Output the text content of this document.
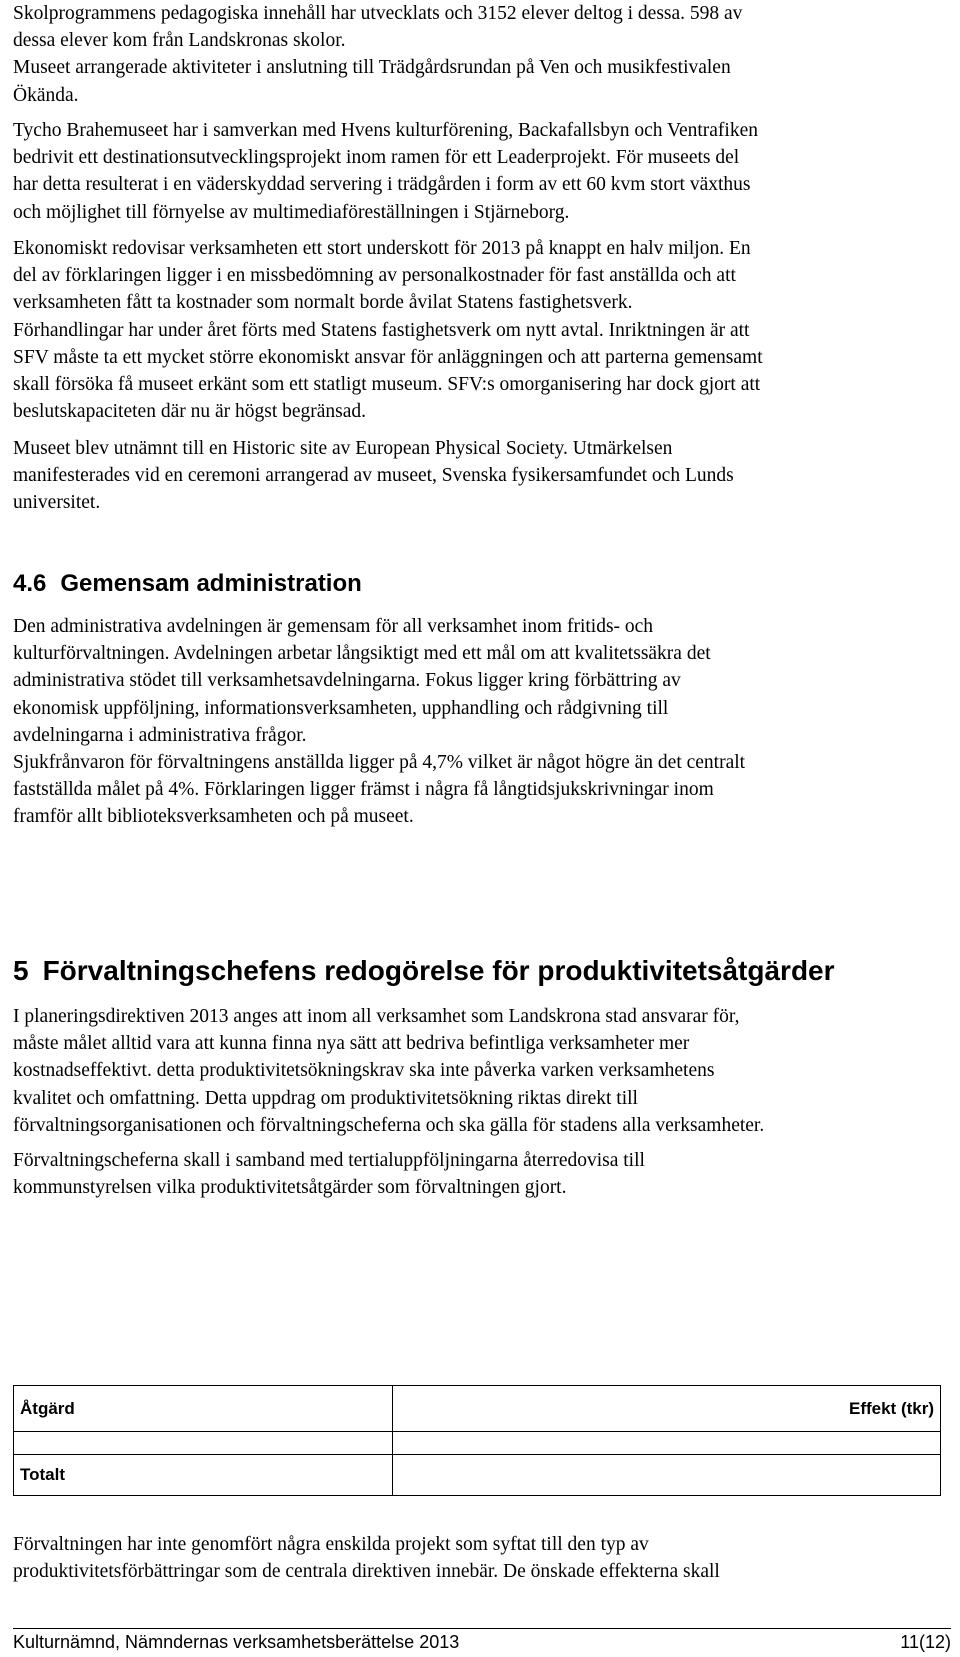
Skolprogrammens pedagogiska innehåll har utvecklats och 3152 elever deltog i dessa. 598 av
dessa elever kom från Landskronas skolor.
Museet arrangerade aktiviteter i anslutning till Trädgårdsrundan på Ven och musikfestivalen
Ökända.

Tycho Brahemuseet har i samverkan med Hvens kulturförening, Backafallsbyn och Ventrafiken
bedrivit ett destinationsutvecklingsprojekt inom ramen för ett Leaderprojekt. För museets del
har detta resulterat i en väderskyddad servering i trädgården i form av ett 60 kvm stort växthus
och möjlighet till förnyelse av multimediaföreställningen i Stjärneborg.

Ekonomiskt redovisar verksamheten ett stort underskott för 2013 på knappt en halv miljon. En
del av förklaringen ligger i en missbedömning av personalkostnader för fast anställda och att
verksamheten fått ta kostnader som normalt borde åvilat Statens fastighetsverk.
Förhandlingar har under året förts med Statens fastighetsverk om nytt avtal. Inriktningen är att
SFV måste ta ett mycket större ekonomiskt ansvar för anläggningen och att parterna gemensamt
skall försöka få museet erkänt som ett statligt museum. SFV:s omorganisering har dock gjort att
beslutskapaciteten där nu är högst begränsad.

Museet blev utnämnt till en Historic site av European Physical Society. Utmärkelsen
manifesterades vid en ceremoni arrangerad av museet, Svenska fysikersamfundet och Lunds
universitet.

4.6 Gemensam administration

Den administrativa avdelningen är gemensam för all verksamhet inom fritids- och
kulturförvaltningen. Avdelningen arbetar långsiktigt med ett mål om att kvalitetssäkra det
administrativa stödet till verksamhetsavdelningarna. Fokus ligger kring förbättring av
ekonomisk uppföljning, informationsverksamheten, upphandling och rådgivning till
avdelningarna i administrativa frågor.
Sjukfrånvaron för förvaltningens anställda ligger på 4,7% vilket är något högre än det centralt
fastställda målet på 4%. Förklaringen ligger främst i några få långtidsjukskrivningar inom
framför allt biblioteksverksamheten och på museet.

5 Förvaltningschefens redogörelse för produktivitetsåtgärder

I planeringsdirektiven 2013 anges att inom all verksamhet som Landskrona stad ansvarar för,
måste målet alltid vara att kunna finna nya sätt att bedriva befintliga verksamheter mer
kostnadseffektivt. detta produktivitetsökningskrav ska inte påverka varken verksamhetens
kvalitet och omfattning. Detta uppdrag om produktivitetsökning riktas direkt till
förvaltningsorganisationen och förvaltningscheferna och ska gälla för stadens alla verksamheter.

Förvaltningscheferna skall i samband med tertialuppföljningarna återredovisa till
kommunstyrelsen vilka produktivitetsåtgärder som förvaltningen gjort.

Åtgärd	Effekt (tkr)

Totalt	

Förvaltningen har inte genomfört några enskilda projekt som syftat till den typ av
produktivitetsförbättringar som de centrala direktiven innebär. De önskade effekterna skall

Kulturnämnd, Nämndernas verksamhetsberättelse 2013	11(12)
